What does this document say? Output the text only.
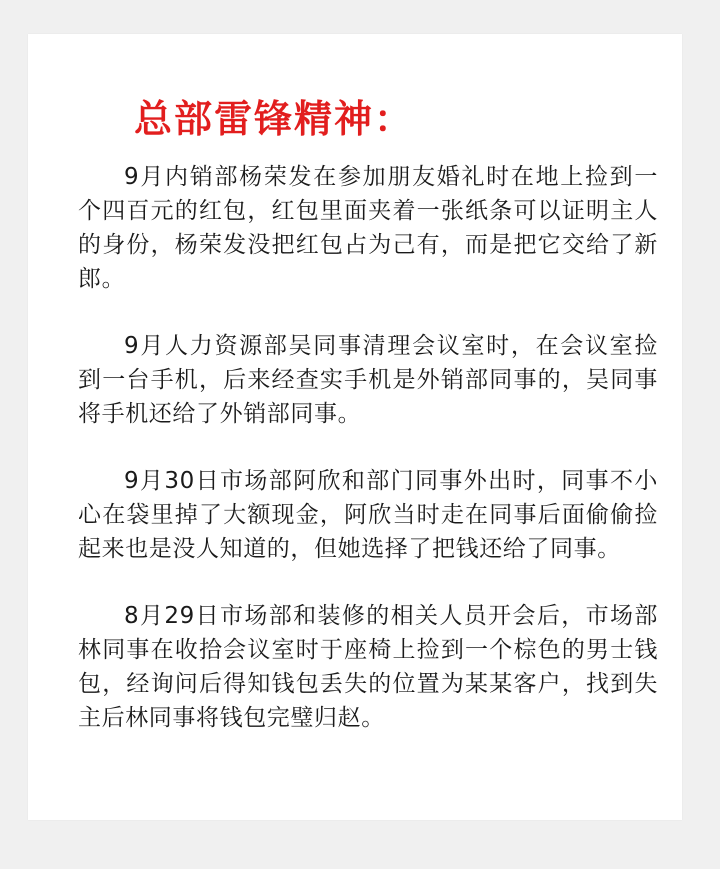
总部雷锋精神：

9月内销部杨荣发在参加朋友婚礼时在地上捡到一个四百元的红包，红包里面夹着一张纸条可以证明主人的身份，杨荣发没把红包占为己有，而是把它交给了新郎。

9月人力资源部吴同事清理会议室时，在会议室捡到一台手机，后来经查实手机是外销部同事的，吴同事将手机还给了外销部同事。

9月30日市场部阿欣和部门同事外出时，同事不小心在袋里掉了大额现金，阿欣当时走在同事后面偷偷捡起来也是没人知道的，但她选择了把钱还给了同事。

8月29日市场部和装修的相关人员开会后，市场部林同事在收拾会议室时于座椅上捡到一个棕色的男士钱包，经询问后得知钱包丢失的位置为某某客户，找到失主后林同事将钱包完璧归赵。
